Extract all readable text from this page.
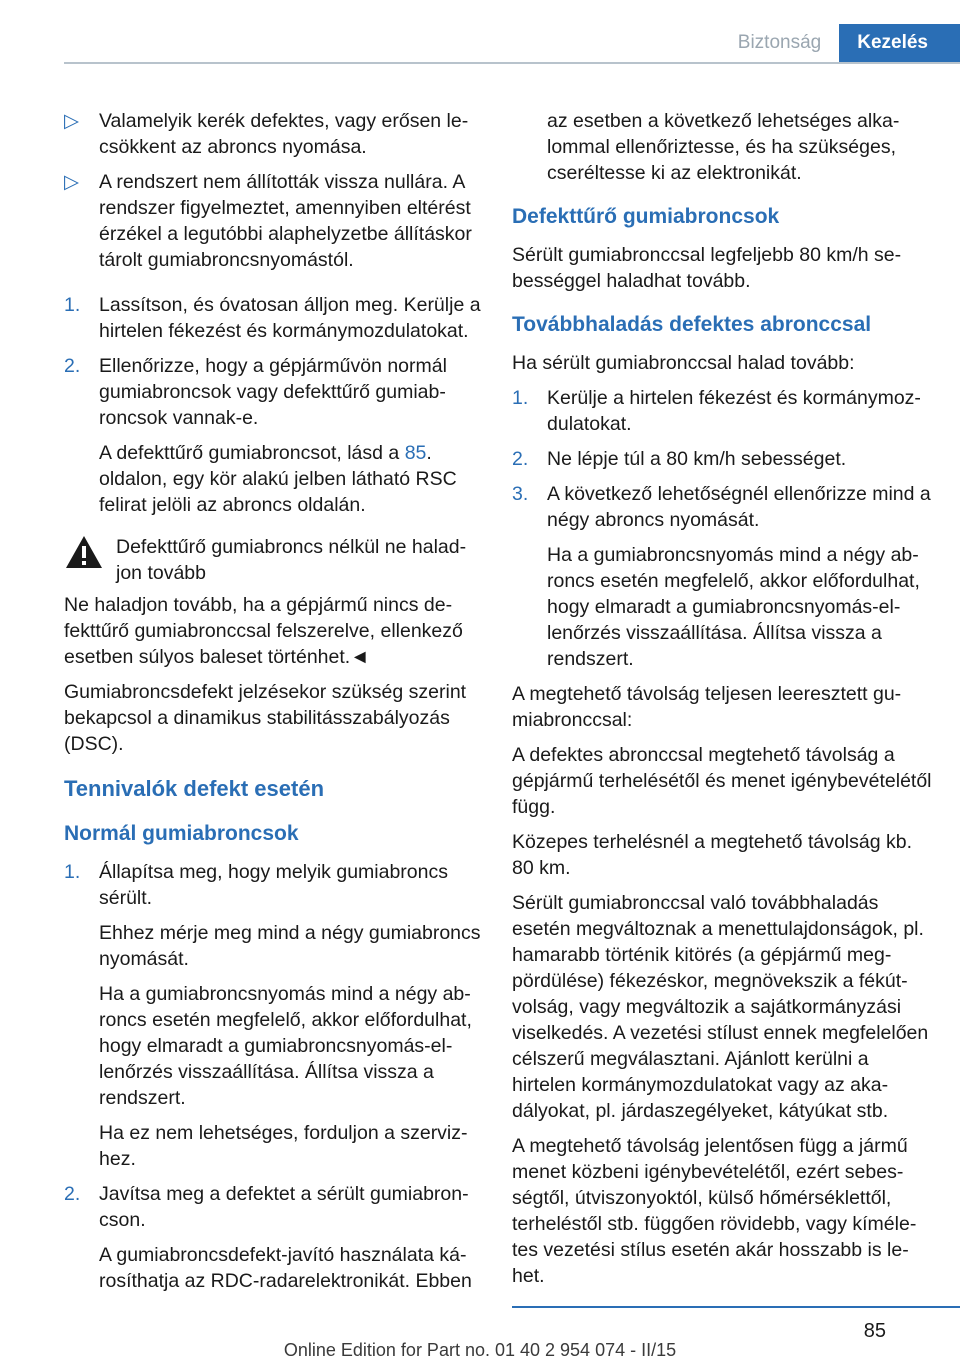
Biztonság	Kezelés
▷	Valamelyik kerék defektes, vagy erősen lecsökkent az abroncs nyomása.
▷	A rendszert nem állították vissza nullára. A rendszer figyelmeztet, amennyiben eltérést érzékel a legutóbbi alaphelyzetbe állításkor tárolt gumiabroncsnyomástól.
1. Lassítson, és óvatosan álljon meg. Kerülje a hirtelen fékezést és kormánymozdulatokat.
2. Ellenőrizze, hogy a gépjárművön normál gumiabroncsok vagy defekttűrő gumiabroncsok vannak-e.

A defekttűrő gumiabroncsot, lásd a 85. oldalon, egy kör alakú jelben látható RSC felirat jelöli az abroncs oldalán.

Defekttűrő gumiabroncs nélkül ne haladjon tovább

Ne haladjon tovább, ha a gépjármű nincs defekttűrő gumiabronccsal felszerelve, ellenkező esetben súlyos baleset történhet.◄

Gumiabroncsdefekt jelzésekor szükség szerint bekapcsol a dinamikus stabilitásszabályozás (DSC).

Tennivalók defekt esetén
Normál gumiabroncsok
1. Állapítsa meg, hogy melyik gumiabroncs sérült.

Ehhez mérje meg mind a négy gumiabroncs nyomását.

Ha a gumiabroncsnyomás mind a négy abroncs esetén megfelelő, akkor előfordulhat, hogy elmaradt a gumiabroncsnyomás-ellenőrzés visszaállítása. Állítsa vissza a rendszert.

Ha ez nem lehetséges, forduljon a szervizhez.

2. Javítsa meg a defektet a sérült gumiabroncson.

A gumiabroncsdefekt-javító használata károsíthatja az RDC-radarelektronikát. Ebben

az esetben a következő lehetséges alkalommal ellenőriztesse, és ha szükséges, cseréltesse ki az elektronikát.
Defekttűrő gumiabroncsok

Sérült gumiabronccsal legfeljebb 80 km/h sebességgel haladhat tovább.

Továbbhaladás defektes abronccsal

Ha sérült gumiabronccsal halad tovább:

1. Kerülje a hirtelen fékezést és kormánymozdulatokat.
2. Ne lépje túl a 80 km/h sebességet.
3. A következő lehetőségnél ellenőrizze mind a négy abroncs nyomását.

Ha a gumiabroncsnyomás mind a négy abroncs esetén megfelelő, akkor előfordulhat, hogy elmaradt a gumiabroncsnyomás-ellenőrzés visszaállítása. Állítsa vissza a rendszert.

A megtehető távolság teljesen leeresztett gumiabronccsal:

A defektes abronccsal megtehető távolság a gépjármű terhelésétől és menet igénybevételétől függ.

Közepes terhelésnél a megtehető távolság kb. 80 km.

Sérült gumiabronccsal való továbbhaladás esetén megváltoznak a menettulajdonságok, pl. hamarabb történik kitörés (a gépjármű megpördülése) fékezéskor, megnövekszik a fékútvolság, vagy megváltozik a sajátkormányzási viselkedés. A vezetési stílust ennek megfelelően célszerű megválasztani. Ajánlott kerülni a hirtelen kormánymozdulatokat vagy az akadályokat, pl. járdaszegélyeket, kátyúkat stb.

A megtehető távolság jelentősen függ a jármű menet közbeni igénybevételétől, ezért sebességtől, útviszonyoktól, külső hőmérséklettől, terheléstől stb. függően rövidebb, vagy kíméletes vezetési stílus esetén akár hosszabb is lehet.

85
Online Edition for Part no. 01 40 2 954 074 - II/15
